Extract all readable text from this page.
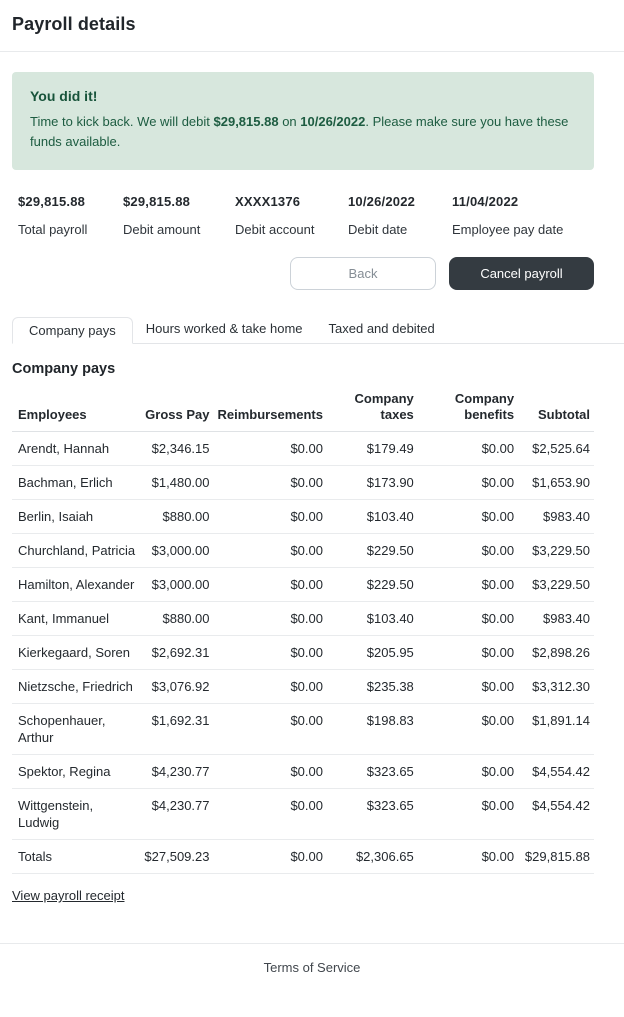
Payroll details
You did it!

Time to kick back. We will debit $29,815.88 on 10/26/2022. Please make sure you have these funds available.

$29,815.88
Total payroll
$29,815.88
Debit amount
XXXX1376
Debit account
10/26/2022
Debit date
11/04/2022
Employee pay date
Back	Cancel payroll
Company pays	Hours worked & take home	Taxed and debited
Company pays
Employees	Gross Pay	Reimbursements	Company taxes	Company benefits	Subtotal
Arendt, Hannah	$2,346.15	$0.00	$179.49	$0.00	$2,525.64
Bachman, Erlich	$1,480.00	$0.00	$173.90	$0.00	$1,653.90
Berlin, Isaiah	$880.00	$0.00	$103.40	$0.00	$983.40
Churchland, Patricia	$3,000.00	$0.00	$229.50	$0.00	$3,229.50
Hamilton, Alexander	$3,000.00	$0.00	$229.50	$0.00	$3,229.50
Kant, Immanuel	$880.00	$0.00	$103.40	$0.00	$983.40
Kierkegaard, Soren	$2,692.31	$0.00	$205.95	$0.00	$2,898.26
Nietzsche, Friedrich	$3,076.92	$0.00	$235.38	$0.00	$3,312.30
Schopenhauer, Arthur	$1,692.31	$0.00	$198.83	$0.00	$1,891.14
Spektor, Regina	$4,230.77	$0.00	$323.65	$0.00	$4,554.42
Wittgenstein, Ludwig	$4,230.77	$0.00	$323.65	$0.00	$4,554.42
Totals	$27,509.23	$0.00	$2,306.65	$0.00	$29,815.88
View payroll receipt
Terms of Service
